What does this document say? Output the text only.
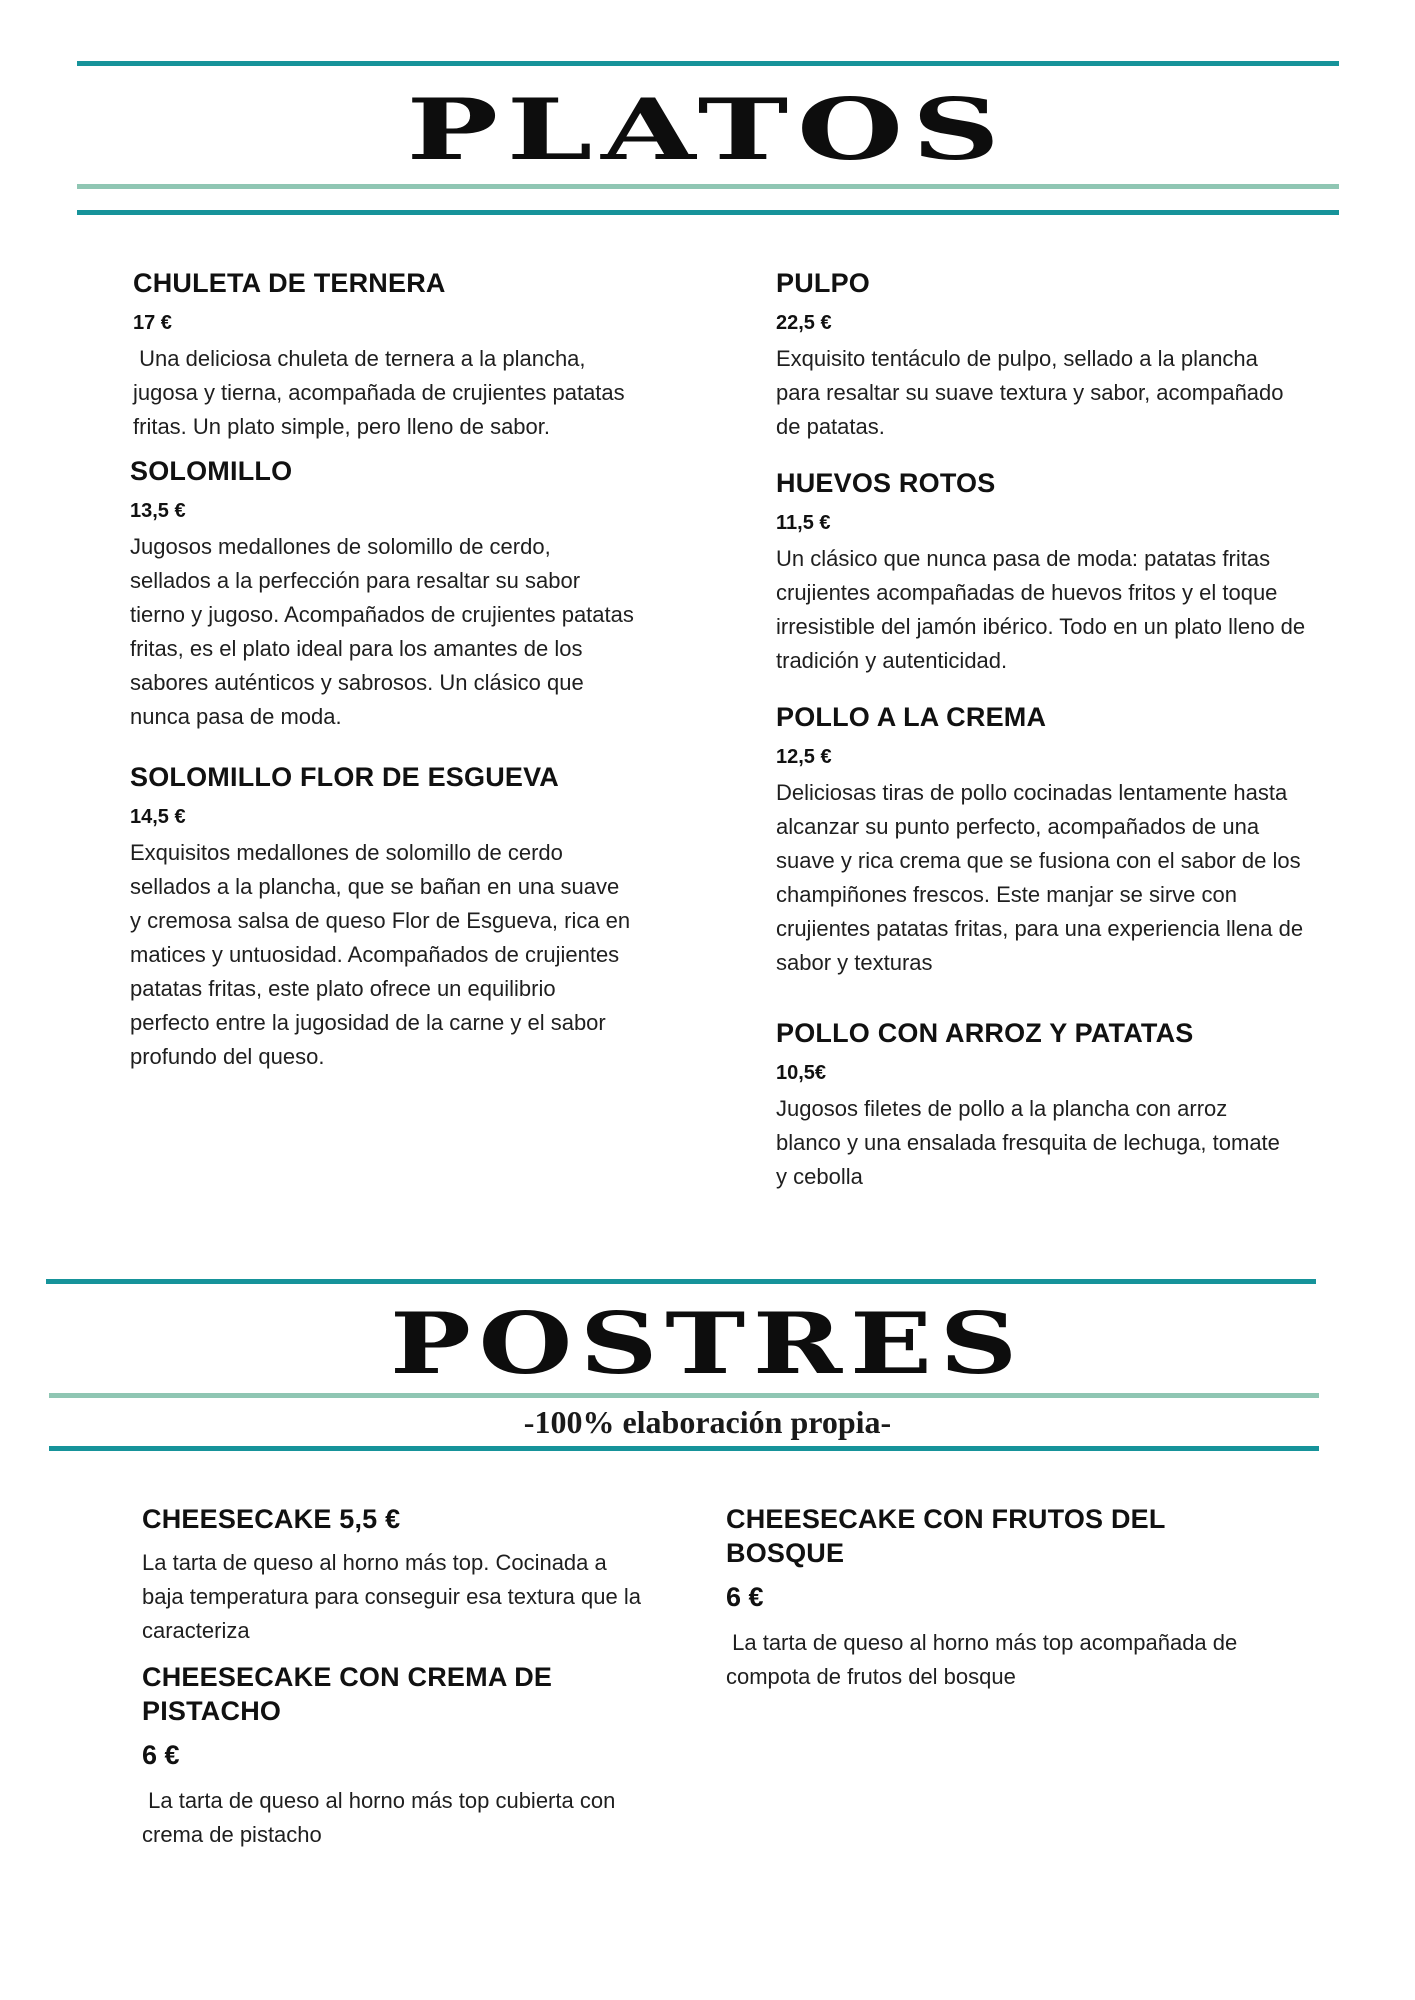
PLATOS
CHULETA DE TERNERA
17 €
Una deliciosa chuleta de ternera a la plancha, jugosa y tierna, acompañada de crujientes patatas fritas. Un plato simple, pero lleno de sabor.
SOLOMILLO
13,5 €
Jugosos medallones de solomillo de cerdo, sellados a la perfección para resaltar su sabor tierno y jugoso. Acompañados de crujientes patatas fritas, es el plato ideal para los amantes de los sabores auténticos y sabrosos. Un clásico que nunca pasa de moda.
SOLOMILLO FLOR DE ESGUEVA
14,5 €
Exquisitos medallones de solomillo de cerdo sellados a la plancha, que se bañan en una suave y cremosa salsa de queso Flor de Esgueva, rica en matices y untuosidad. Acompañados de crujientes patatas fritas, este plato ofrece un equilibrio perfecto entre la jugosidad de la carne y el sabor profundo del queso.
PULPO
22,5 €
Exquisito tentáculo de pulpo, sellado a la plancha para resaltar su suave textura y sabor, acompañado de patatas.
HUEVOS ROTOS
11,5 €
Un clásico que nunca pasa de moda: patatas fritas crujientes acompañadas de huevos fritos y el toque irresistible del jamón ibérico. Todo en un plato lleno de tradición y autenticidad.
POLLO A LA CREMA
12,5 €
Deliciosas tiras de pollo cocinadas lentamente hasta alcanzar su punto perfecto, acompañados de una suave y rica crema que se fusiona con el sabor de los champiñones frescos. Este manjar se sirve con crujientes patatas fritas, para una experiencia llena de sabor y texturas
POLLO CON ARROZ Y PATATAS
10,5€
Jugosos filetes de pollo a la plancha con arroz blanco y una ensalada fresquita de lechuga, tomate y cebolla
POSTRES
-100% elaboración propia-
CHEESECAKE 5,5 €
La tarta de queso al horno más top. Cocinada a baja temperatura para conseguir esa textura que la caracteriza
CHEESECAKE CON CREMA DE PISTACHO
6 €
La tarta de queso al horno más top cubierta con crema de pistacho
CHEESECAKE CON FRUTOS DEL BOSQUE
6 €
La tarta de queso al horno más top acompañada de compota de frutos del bosque
